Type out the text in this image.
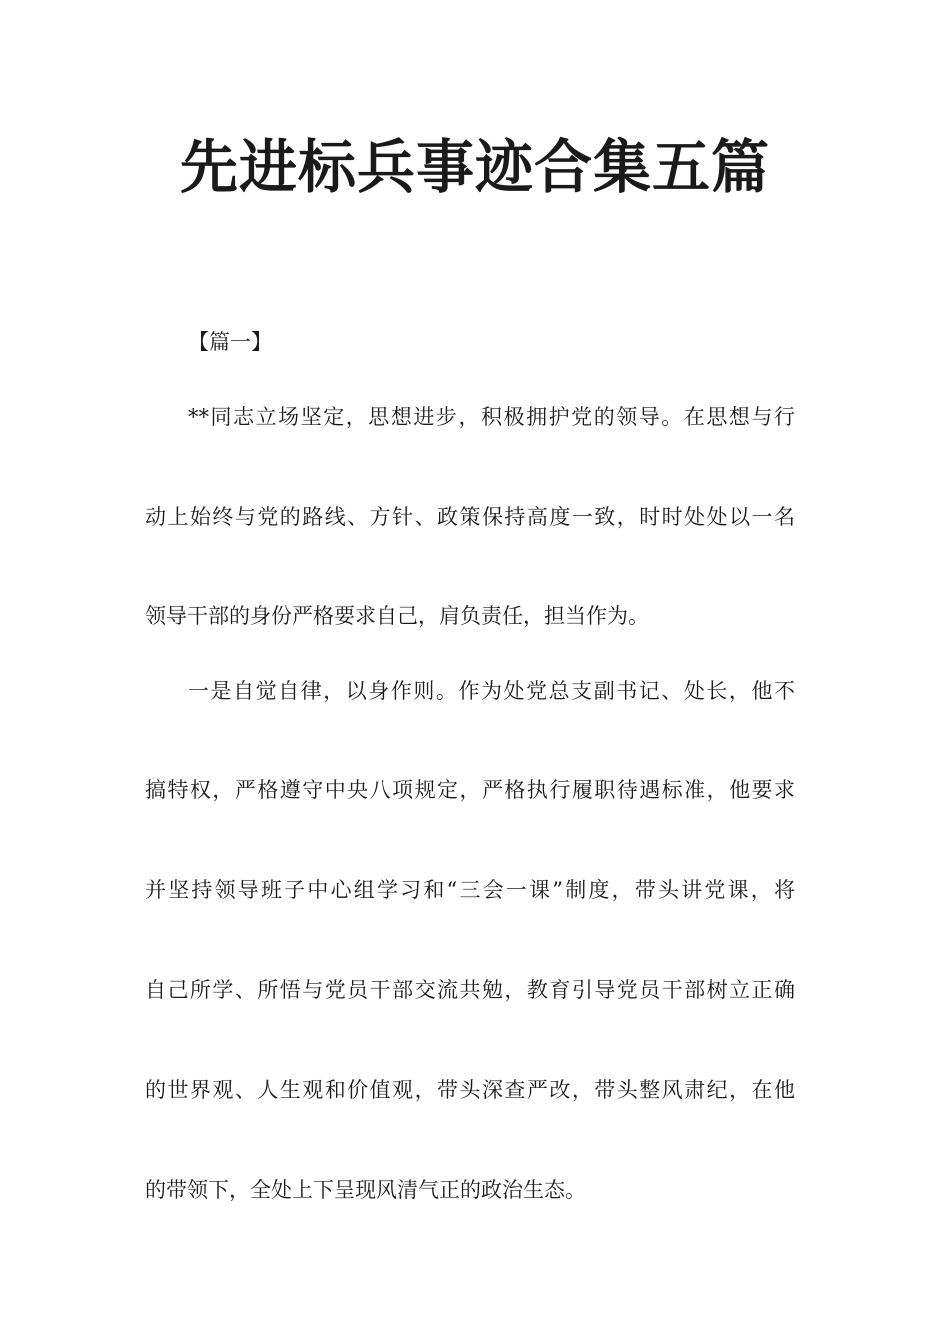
先进标兵事迹合集五篇
【篇一】
**同志立场坚定，思想进步，积极拥护党的领导。在思想与行
动上始终与党的路线、方针、政策保持高度一致，时时处处以一名
领导干部的身份严格要求自己，肩负责任，担当作为。
一是自觉自律，以身作则。作为处党总支副书记、处长，他不
搞特权，严格遵守中央八项规定，严格执行履职待遇标准，他要求
并坚持领导班子中心组学习和“三会一课”制度，带头讲党课，将
自己所学、所悟与党员干部交流共勉，教育引导党员干部树立正确
的世界观、人生观和价值观，带头深查严改，带头整风肃纪，在他
的带领下，全处上下呈现风清气正的政治生态。
